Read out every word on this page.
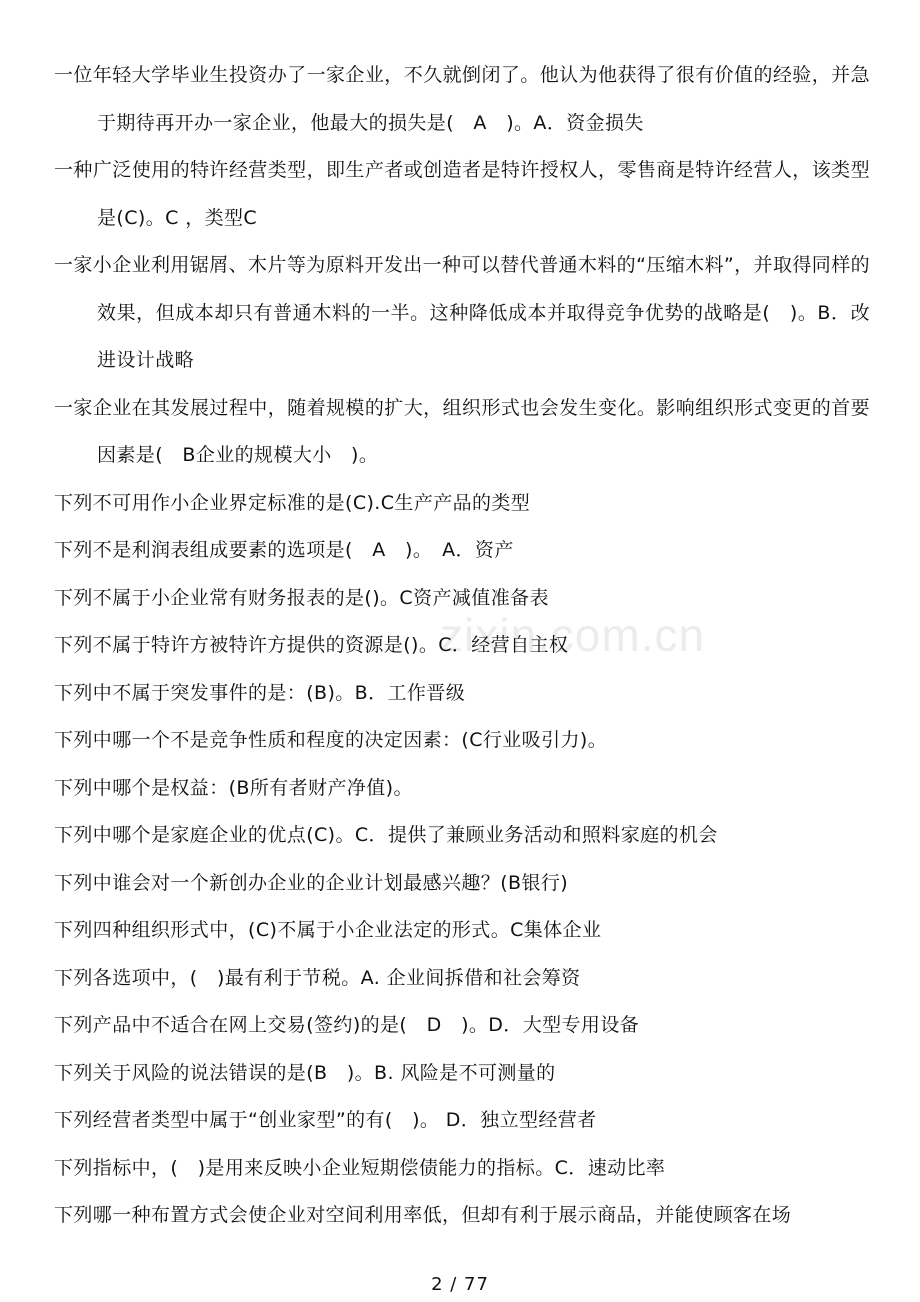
zixin.com.cn

一位年轻大学毕业生投资办了一家企业，不久就倒闭了。他认为他获得了很有价值的经验，并急于期待再开办一家企业，他最大的损失是(　A　)。A．资金损失

一种广泛使用的特许经营类型，即生产者或创造者是特许授权人，零售商是特许经营人，该类型是(C)。C ，类型C

一家小企业利用锯屑、木片等为原料开发出一种可以替代普通木料的“压缩木料”，并取得同样的效果，但成本却只有普通木料的一半。这种降低成本并取得竞争优势的战略是(　)。B．改进设计战略

一家企业在其发展过程中，随着规模的扩大，组织形式也会发生变化。影响组织形式变更的首要因素是(　B企业的规模大小　)。

下列不可用作小企业界定标准的是(C).C生产产品的类型

下列不是利润表组成要素的选项是(　A　)。　A．资产

下列不属于小企业常有财务报表的是()。C资产减值准备表

下列不属于特许方被特许方提供的资源是()。C．经营自主权

下列中不属于突发事件的是：(B)。B．工作晋级

下列中哪一个不是竞争性质和程度的决定因素：(C行业吸引力)。

下列中哪个是权益：(B所有者财产净值)。

下列中哪个是家庭企业的优点(C)。C．提供了兼顾业务活动和照料家庭的机会

下列中谁会对一个新创办企业的企业计划最感兴趣？(B银行)

下列四种组织形式中，(C)不属于小企业法定的形式。C集体企业

下列各选项中，(　)最有利于节税。A. 企业间拆借和社会筹资

下列产品中不适合在网上交易(签约)的是(　D　)。D．大型专用设备

下列关于风险的说法错误的是(B　)。B. 风险是不可测量的

下列经营者类型中属于“创业家型”的有(　)。 D．独立型经营者

下列指标中，(　)是用来反映小企业短期偿债能力的指标。C．速动比率

下列哪一种布置方式会使企业对空间利用率低，但却有利于展示商品，并能使顾客在场

2 / 77
